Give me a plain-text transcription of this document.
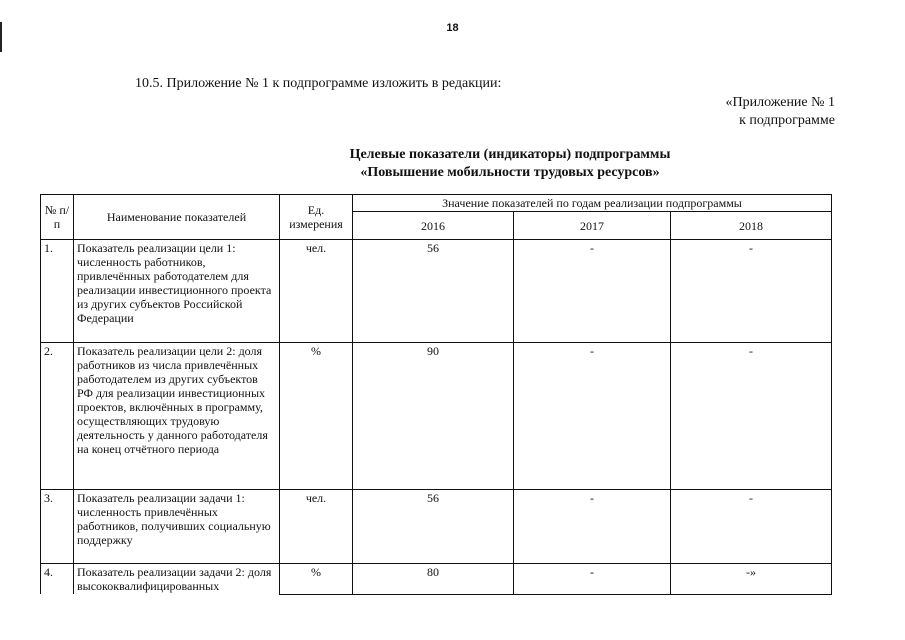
18
10.5. Приложение № 1 к подпрограмме изложить в редакции:
«Приложение № 1
к подпрограмме
Целевые показатели (индикаторы) подпрограммы
«Повышение мобильности трудовых ресурсов»
№ п/п	Наименование показателей	Ед. измерения	Значение показателей по годам реализации подпрограммы		
			2016	2017	2018
1.	Показатель реализации цели 1: численность работников, привлечённых работодателем для реализации инвестиционного проекта из других субъектов Российской Федерации	чел.	56	-	-
2.	Показатель реализации цели 2: доля работников из числа привлечённых работодателем из других субъектов РФ для реализации инвестиционных проектов, включённых в программу, осуществляющих трудовую деятельность у данного работодателя на конец отчётного периода	%	90	-	-
3.	Показатель реализации задачи 1: численность привлечённых работников, получивших социальную поддержку	чел.	56	-	-
4.	Показатель реализации задачи 2: доля высококвалифицированных	%	80	-	-»
